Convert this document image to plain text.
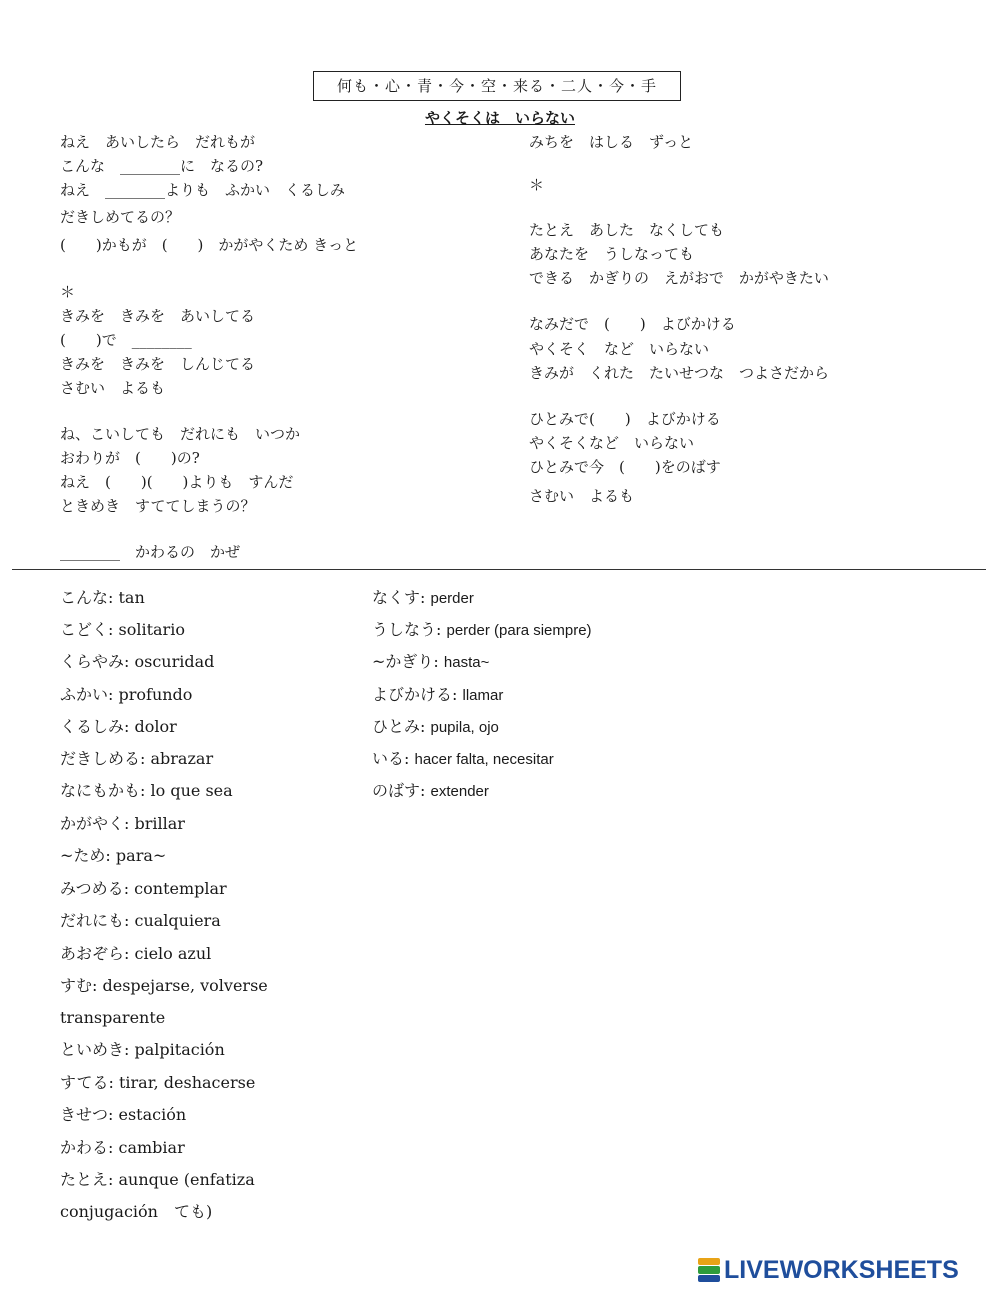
何も・心・青・今・空・来る・二人・今・手
やくそくは　いらない
ねえ　あいしたら　だれもが
こんな　________に　なるの?
ねえ　________よりも　ふかい　くるしみ
だきしめてるの？
(　　)かもが　(　　)　かがやくため きっと
＊
きみを　きみを　あいしてる
(　　)で　________
きみを　きみを　しんじてる
さむい　よるも
ね、こいしても　だれにも　いつか
おわりが　(　　)の?
ねえ　(　　)(　　)よりも　すんだ
ときめき　すててしまうの？
________　かわるの　かぜ
みちを　はしる　ずっと
＊
たとえ　あした　なくしても
あなたを　うしなっても
できる　かぎりの　えがおで　かがやきたい
なみだで　(　　)　よびかける
やくそく　など　いらない
きみが　くれた　たいせつな　つよさだから
ひとみで(　　)　よびかける
やくそくなど　いらない
ひとみで今　(　　)をのばす
さむい　よるも
こんな: tan
こどく: solitario
くらやみ: oscuridad
ふかい: profundo
くるしみ: dolor
だきしめる: abrazar
なにもかも: lo que sea
かがやく: brillar
~ため: para~
みつめる: contemplar
だれにも: cualquiera
あおぞら: cielo azul
すむ: despejarse, volverse
transparente
といめき: palpitación
すてる: tirar, deshacerse
きせつ: estación
かわる: cambiar
たとえ: aunque (enfatiza
conjugación　ても)
なくす: perder
うしなう: perder (para siempre)
~かぎり: hasta~
よびかける: llamar
ひとみ: pupila, ojo
いる: hacer falta, necesitar
のばす: extender
LIVEWORKSHEETS
